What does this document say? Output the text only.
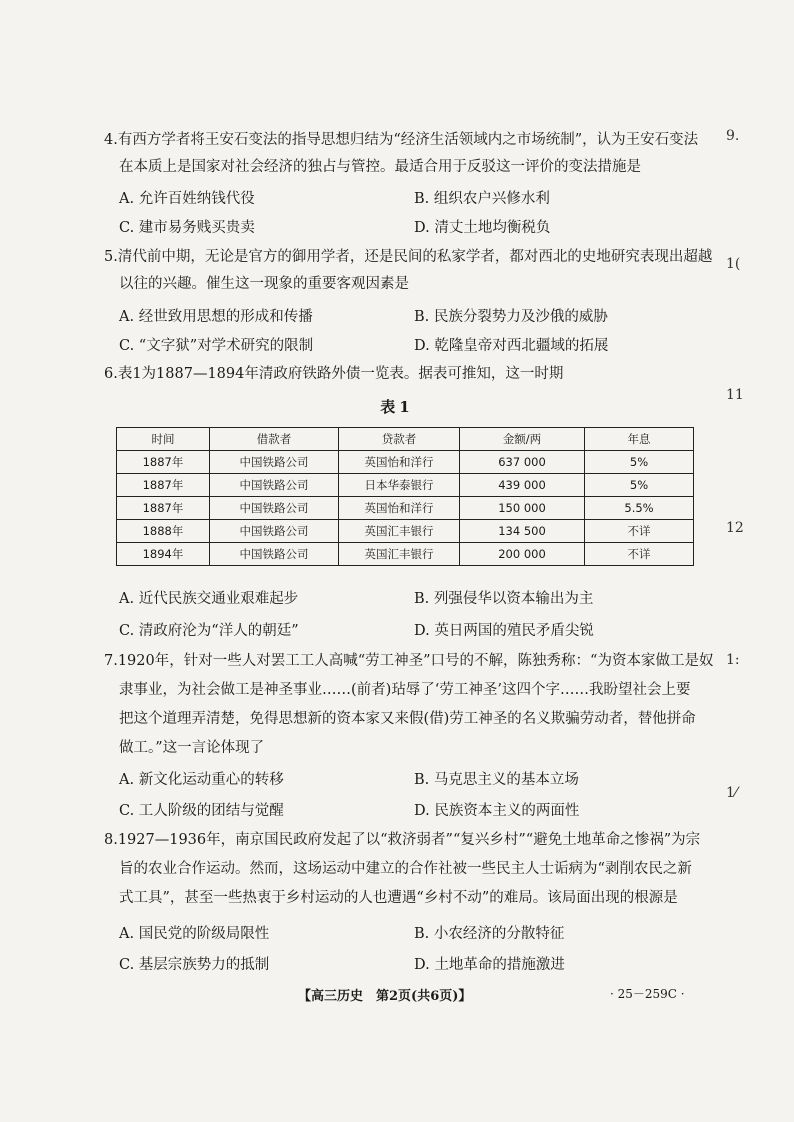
4.有西方学者将王安石变法的指导思想归结为“经济生活领域内之市场统制”，认为王安石变法
在本质上是国家对社会经济的独占与管控。最适合用于反驳这一评价的变法措施是
A. 允许百姓纳钱代役	B. 组织农户兴修水利
C. 建市易务贱买贵卖	D. 清丈土地均衡税负
5.清代前中期，无论是官方的御用学者，还是民间的私家学者，都对西北的史地研究表现出超越
以往的兴趣。催生这一现象的重要客观因素是
A. 经世致用思想的形成和传播	B. 民族分裂势力及沙俄的威胁
C. “文字狱”对学术研究的限制	D. 乾隆皇帝对西北疆域的拓展
6.表1为1887—1894年清政府铁路外债一览表。据表可推知，这一时期
表1
时间	借款者	贷款者	金额/两	年息
1887年	中国铁路公司	英国怡和洋行	637 000	5%
1887年	中国铁路公司	日本华泰银行	439 000	5%
1887年	中国铁路公司	英国怡和洋行	150 000	5.5%
1888年	中国铁路公司	英国汇丰银行	134 500	不详
1894年	中国铁路公司	英国汇丰银行	200 000	不详
A. 近代民族交通业艰难起步	B. 列强侵华以资本输出为主
C. 清政府沦为“洋人的朝廷”	D. 英日两国的殖民矛盾尖锐
7.1920年，针对一些人对罢工工人高喊“劳工神圣”口号的不解，陈独秀称：“为资本家做工是奴
隶事业，为社会做工是神圣事业……(前者)玷辱了‘劳工神圣’这四个字……我盼望社会上要
把这个道理弄清楚，免得思想新的资本家又来假(借)劳工神圣的名义欺骗劳动者，替他拼命
做工。”这一言论体现了
A. 新文化运动重心的转移	B. 马克思主义的基本立场
C. 工人阶级的团结与觉醒	D. 民族资本主义的两面性
8.1927—1936年，南京国民政府发起了以“救济弱者”“复兴乡村”“避免土地革命之惨祸”为宗
旨的农业合作运动。然而，这场运动中建立的合作社被一些民主人士诟病为“剥削农民之新
式工具”，甚至一些热衷于乡村运动的人也遭遇“乡村不动”的难局。该局面出现的根源是
A. 国民党的阶级局限性	B. 小农经济的分散特征
C. 基层宗族势力的抵制	D. 土地革命的措施激进
9.
1(
11
12
1:
1⁄
【高三历史　第2页(共6页)】	· 25－259C ·
